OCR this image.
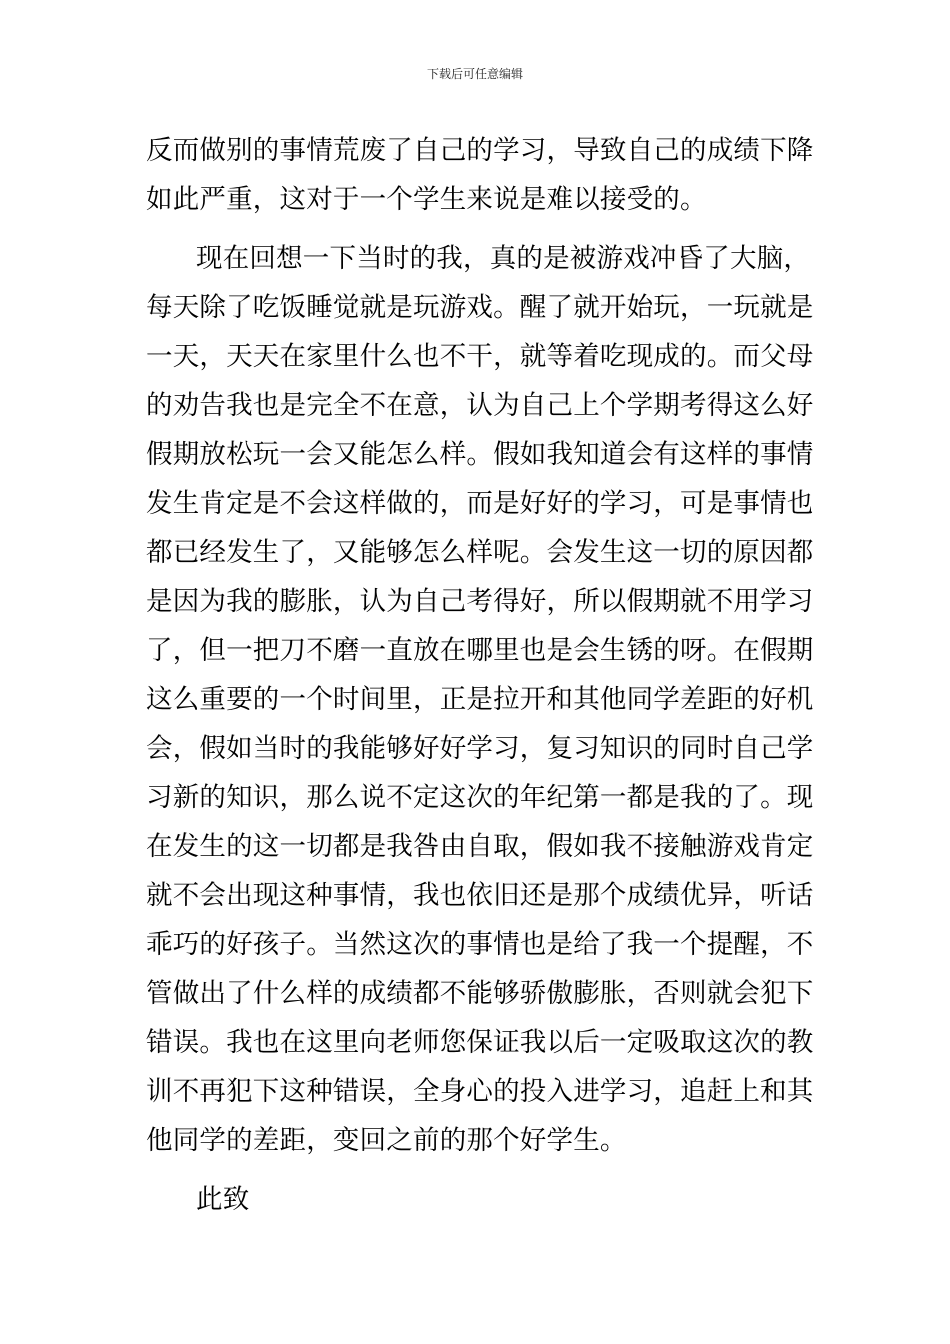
下载后可任意编辑
反而做别的事情荒废了自己的学习，导致自己的成绩下降
如此严重，这对于一个学生来说是难以接受的。
现在回想一下当时的我，真的是被游戏冲昏了大脑，
每天除了吃饭睡觉就是玩游戏。醒了就开始玩，一玩就是
一天，天天在家里什么也不干，就等着吃现成的。而父母
的劝告我也是完全不在意，认为自己上个学期考得这么好
假期放松玩一会又能怎么样。假如我知道会有这样的事情
发生肯定是不会这样做的，而是好好的学习，可是事情也
都已经发生了，又能够怎么样呢。会发生这一切的原因都
是因为我的膨胀，认为自己考得好，所以假期就不用学习
了，但一把刀不磨一直放在哪里也是会生锈的呀。在假期
这么重要的一个时间里，正是拉开和其他同学差距的好机
会，假如当时的我能够好好学习，复习知识的同时自己学
习新的知识，那么说不定这次的年纪第一都是我的了。现
在发生的这一切都是我咎由自取，假如我不接触游戏肯定
就不会出现这种事情，我也依旧还是那个成绩优异，听话
乖巧的好孩子。当然这次的事情也是给了我一个提醒，不
管做出了什么样的成绩都不能够骄傲膨胀，否则就会犯下
错误。我也在这里向老师您保证我以后一定吸取这次的教
训不再犯下这种错误，全身心的投入进学习，追赶上和其
他同学的差距，变回之前的那个好学生。
此致
